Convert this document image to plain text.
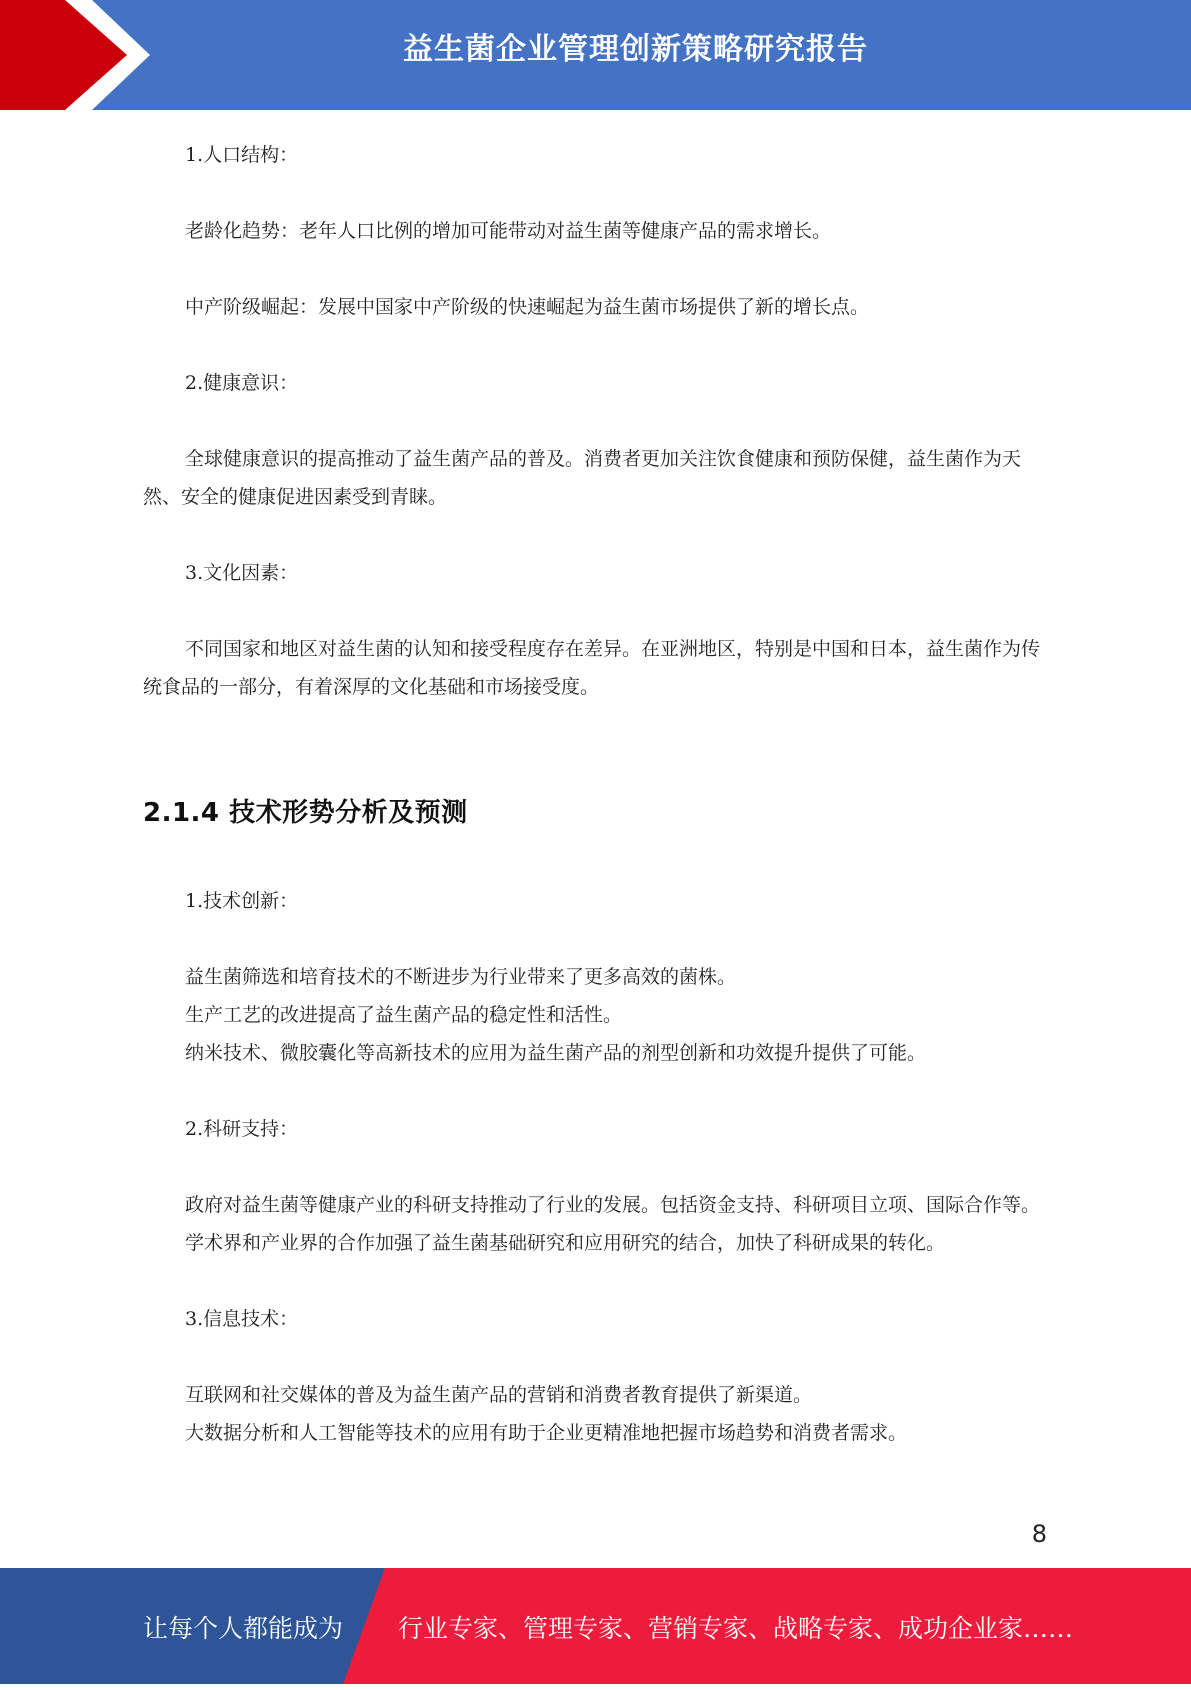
益生菌企业管理创新策略研究报告

1.人口结构：

老龄化趋势：老年人口比例的增加可能带动对益生菌等健康产品的需求增长。

中产阶级崛起：发展中国家中产阶级的快速崛起为益生菌市场提供了新的增长点。

2.健康意识：

全球健康意识的提高推动了益生菌产品的普及。消费者更加关注饮食健康和预防保健，益生菌作为天然、安全的健康促进因素受到青睐。

3.文化因素：

不同国家和地区对益生菌的认知和接受程度存在差异。在亚洲地区，特别是中国和日本，益生菌作为传统食品的一部分，有着深厚的文化基础和市场接受度。

2.1.4 技术形势分析及预测

1.技术创新：

益生菌筛选和培育技术的不断进步为行业带来了更多高效的菌株。

生产工艺的改进提高了益生菌产品的稳定性和活性。

纳米技术、微胶囊化等高新技术的应用为益生菌产品的剂型创新和功效提升提供了可能。

2.科研支持：

政府对益生菌等健康产业的科研支持推动了行业的发展。包括资金支持、科研项目立项、国际合作等。

学术界和产业界的合作加强了益生菌基础研究和应用研究的结合，加快了科研成果的转化。

3.信息技术：

互联网和社交媒体的普及为益生菌产品的营销和消费者教育提供了新渠道。

大数据分析和人工智能等技术的应用有助于企业更精准地把握市场趋势和消费者需求。

8
让每个人都能成为 行业专家、管理专家、营销专家、战略专家、成功企业家……
